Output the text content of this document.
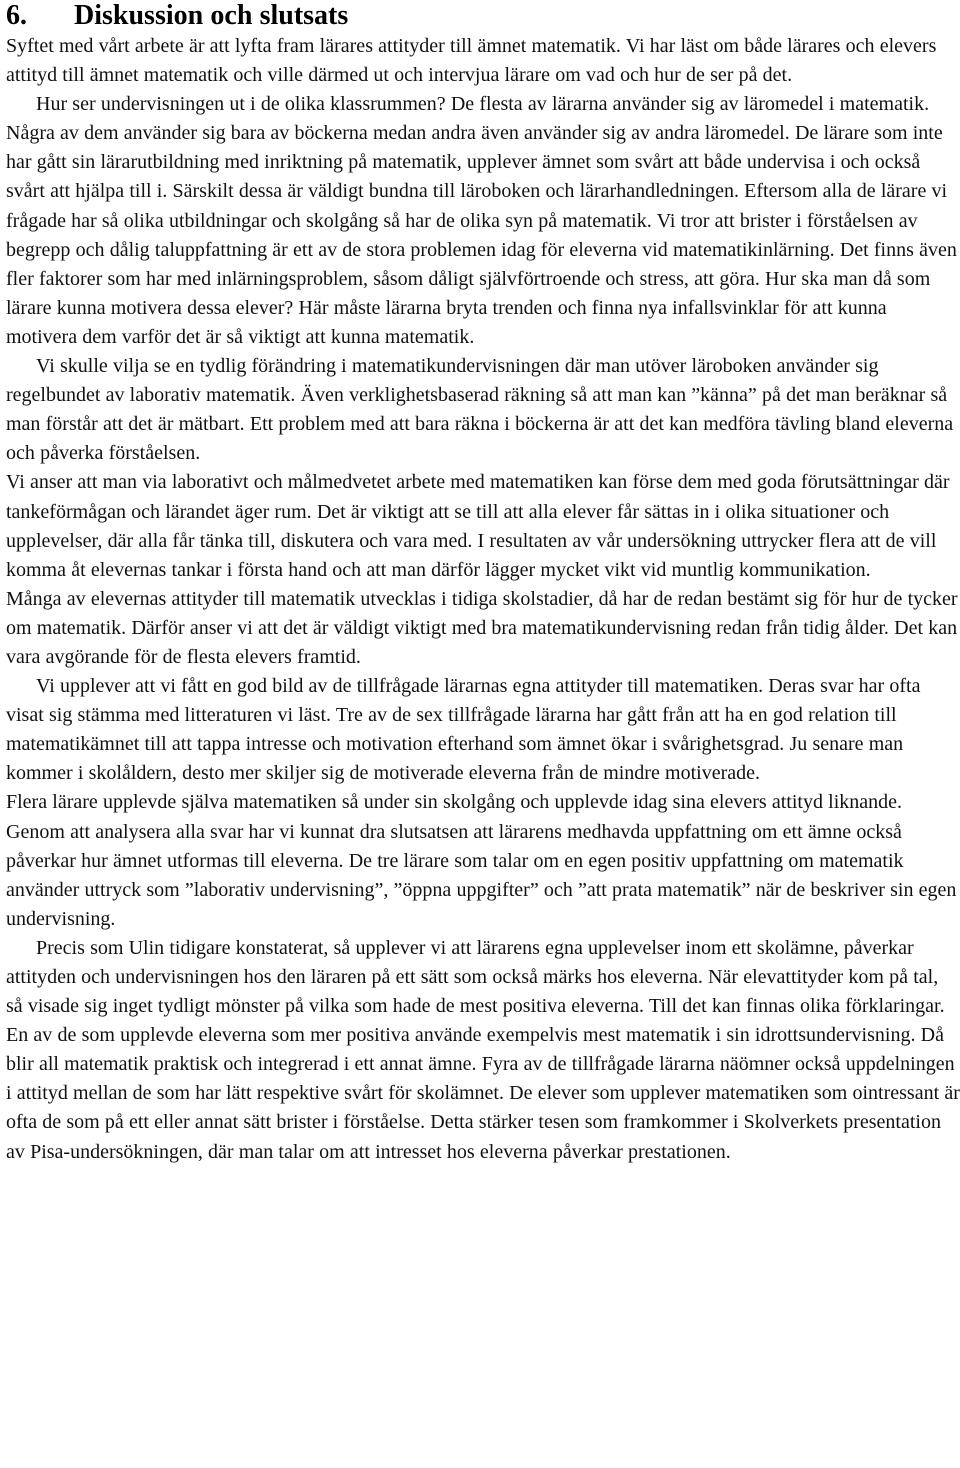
6.	Diskussion och slutsats

Syftet med vårt arbete är att lyfta fram lärares attityder till ämnet matematik. Vi har läst om både lärares och elevers attityd till ämnet matematik och ville därmed ut och intervjua lärare om vad och hur de ser på det.

Hur ser undervisningen ut i de olika klassrummen? De flesta av lärarna använder sig av läromedel i matematik. Några av dem använder sig bara av böckerna medan andra även använder sig av andra läromedel. De lärare som inte har gått sin lärarutbildning med inriktning på matematik, upplever ämnet som svårt att både undervisa i och också svårt att hjälpa till i. Särskilt dessa är väldigt bundna till läroboken och lärarhandledningen. Eftersom alla de lärare vi frågade har så olika utbildningar och skolgång så har de olika syn på matematik. Vi tror att brister i förståelsen av begrepp och dålig taluppfattning är ett av de stora problemen idag för eleverna vid matematikinlärning. Det finns även fler faktorer som har med inlärningsproblem, såsom dåligt självförtroende och stress, att göra. Hur ska man då som lärare kunna motivera dessa elever? Här måste lärarna bryta trenden och finna nya infallsvinklar för att kunna motivera dem varför det är så viktigt att kunna matematik.

Vi skulle vilja se en tydlig förändring i matematikundervisningen där man utöver läroboken använder sig regelbundet av laborativ matematik. Även verklighetsbaserad räkning så att man kan ”känna” på det man beräknar så man förstår att det är mätbart. Ett problem med att bara räkna i böckerna är att det kan medföra tävling bland eleverna och påverka förståelsen.

Vi anser att man via laborativt och målmedvetet arbete med matematiken kan förse dem med goda förutsättningar där tankeförmågan och lärandet äger rum. Det är viktigt att se till att alla elever får sättas in i olika situationer och upplevelser, där alla får tänka till, diskutera och vara med. I resultaten av vår undersökning uttrycker flera att de vill komma åt elevernas tankar i första hand och att man därför lägger mycket vikt vid muntlig kommunikation.

Många av elevernas attityder till matematik utvecklas i tidiga skolstadier, då har de redan bestämt sig för hur de tycker om matematik. Därför anser vi att det är väldigt viktigt med bra matematikundervisning redan från tidig ålder. Det kan vara avgörande för de flesta elevers framtid.

Vi upplever att vi fått en god bild av de tillfrågade lärarnas egna attityder till matematiken. Deras svar har ofta visat sig stämma med litteraturen vi läst. Tre av de sex tillfrågade lärarna har gått från att ha en god relation till matematikämnet till att tappa intresse och motivation efterhand som ämnet ökar i svårighetsgrad. Ju senare man kommer i skolåldern, desto mer skiljer sig de motiverade eleverna från de mindre motiverade.

Flera lärare upplevde själva matematiken så under sin skolgång och upplevde idag sina elevers attityd liknande. Genom att analysera alla svar har vi kunnat dra slutsatsen att lärarens medhavda uppfattning om ett ämne också påverkar hur ämnet utformas till eleverna. De tre lärare som talar om en egen positiv uppfattning om matematik använder uttryck som ”laborativ undervisning”, ”öppna uppgifter” och ”att prata matematik” när de beskriver sin egen undervisning.

Precis som Ulin tidigare konstaterat, så upplever vi att lärarens egna upplevelser inom ett skolämne, påverkar attityden och undervisningen hos den läraren på ett sätt som också märks hos eleverna. När elevattityder kom på tal, så visade sig inget tydligt mönster på vilka som hade de mest positiva eleverna. Till det kan finnas olika förklaringar. En av de som upplevde eleverna som mer positiva använde exempelvis mest matematik i sin idrottsundervisning. Då blir all matematik praktisk och integrerad i ett annat ämne. Fyra av de tillfrågade lärarna näömner också uppdelningen i attityd mellan de som har lätt respektive svårt för skolämnet. De elever som upplever matematiken som ointressant är ofta de som på ett eller annat sätt brister i förståelse. Detta stärker tesen som framkommer i Skolverkets presentation av Pisa-undersökningen, där man talar om att intresset hos eleverna påverkar prestationen.
